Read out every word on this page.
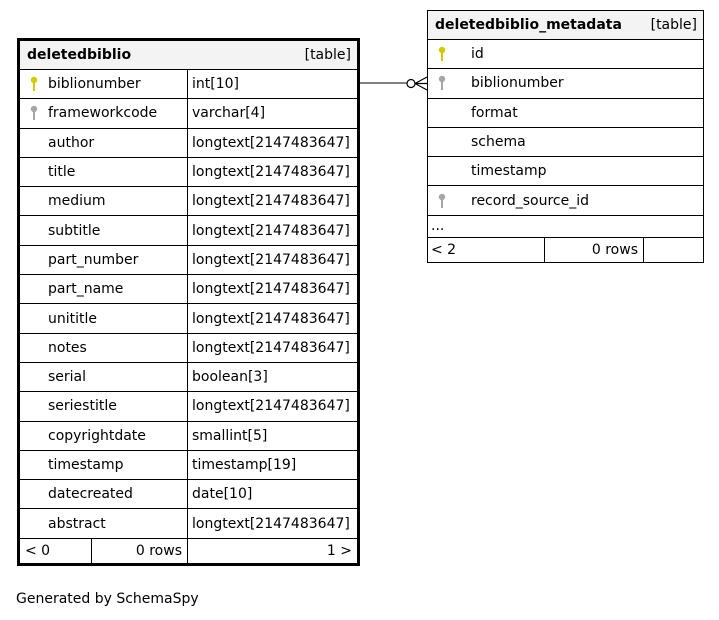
deletedbiblio	[table]
biblionumber	int[10]
frameworkcode varchar[4]
author	longtext[2147483647]
title	longtext[2147483647]
medium	longtext[2147483647]
subtitle	longtext[2147483647]
part_number	longtext[2147483647]
part_name	longtext[2147483647]
unititle	longtext[2147483647]
notes	longtext[2147483647]
serial	boolean[3]
seriestitle	longtext[2147483647]
copyrightdate	smallint[5]
timestamp	timestamp[19]
datecreated	date[10]
abstract	longtext[2147483647]
< 0	0 rows	1 >
deletedbiblio_metadata [table]
id
biblionumber
format
schema
timestamp
record_source_id
...
< 2	0 rows
Generated by SchemaSpy
